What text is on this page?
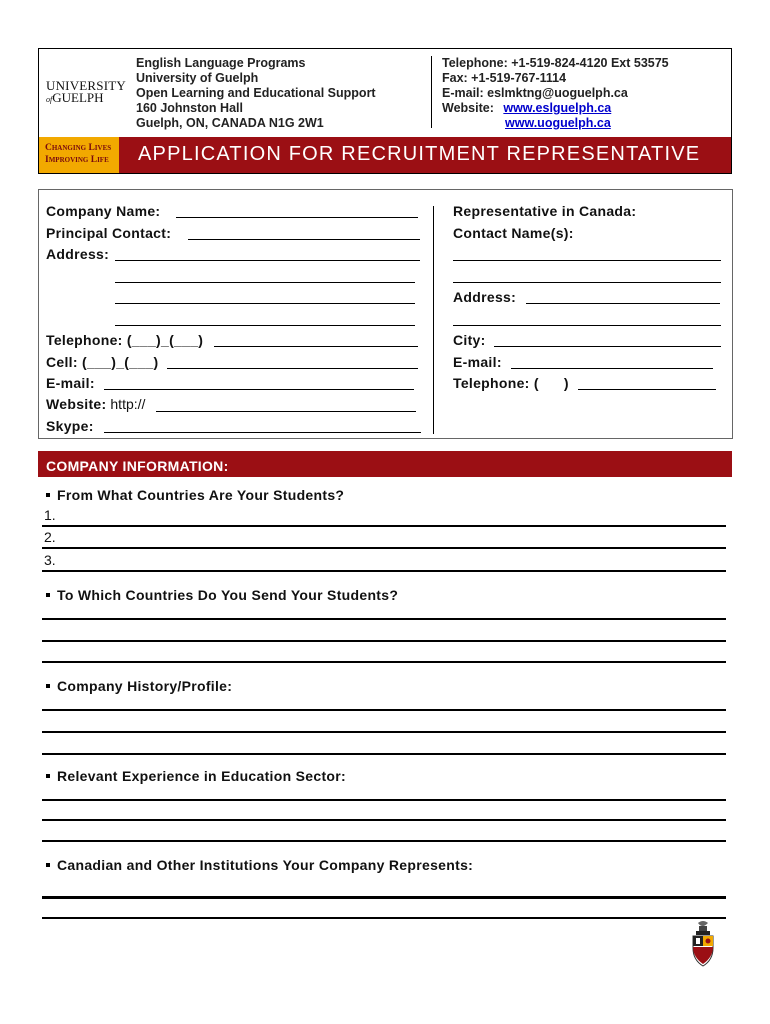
UNIVERSITY
ofGUELPH
Changing Lives
Improving Life
English Language Programs
University of Guelph
Open Learning and Educational Support
160 Johnston Hall
Guelph, ON, CANADA N1G 2W1
Telephone: +1-519-824-4120 Ext 53575
Fax: +1-519-767-1114
E-mail: eslmktng@uoguelph.ca
Website: www.eslguelph.ca
www.uoguelph.ca
APPLICATION FOR RECRUITMENT REPRESENTATIVE
Company Name:
Principal Contact:
Address:
Telephone: (___)_(___)
Cell: (___)_(___)
E-mail:
Website: http://
Skype:
Representative in Canada:
Contact Name(s):
Address:
City:
E-mail:
Telephone: (      )
COMPANY INFORMATION:
From What Countries Are Your Students?
1.
2.
3.
To Which Countries Do You Send Your Students?
Company History/Profile:
Relevant Experience in Education Sector:
Canadian and Other Institutions Your Company Represents:
